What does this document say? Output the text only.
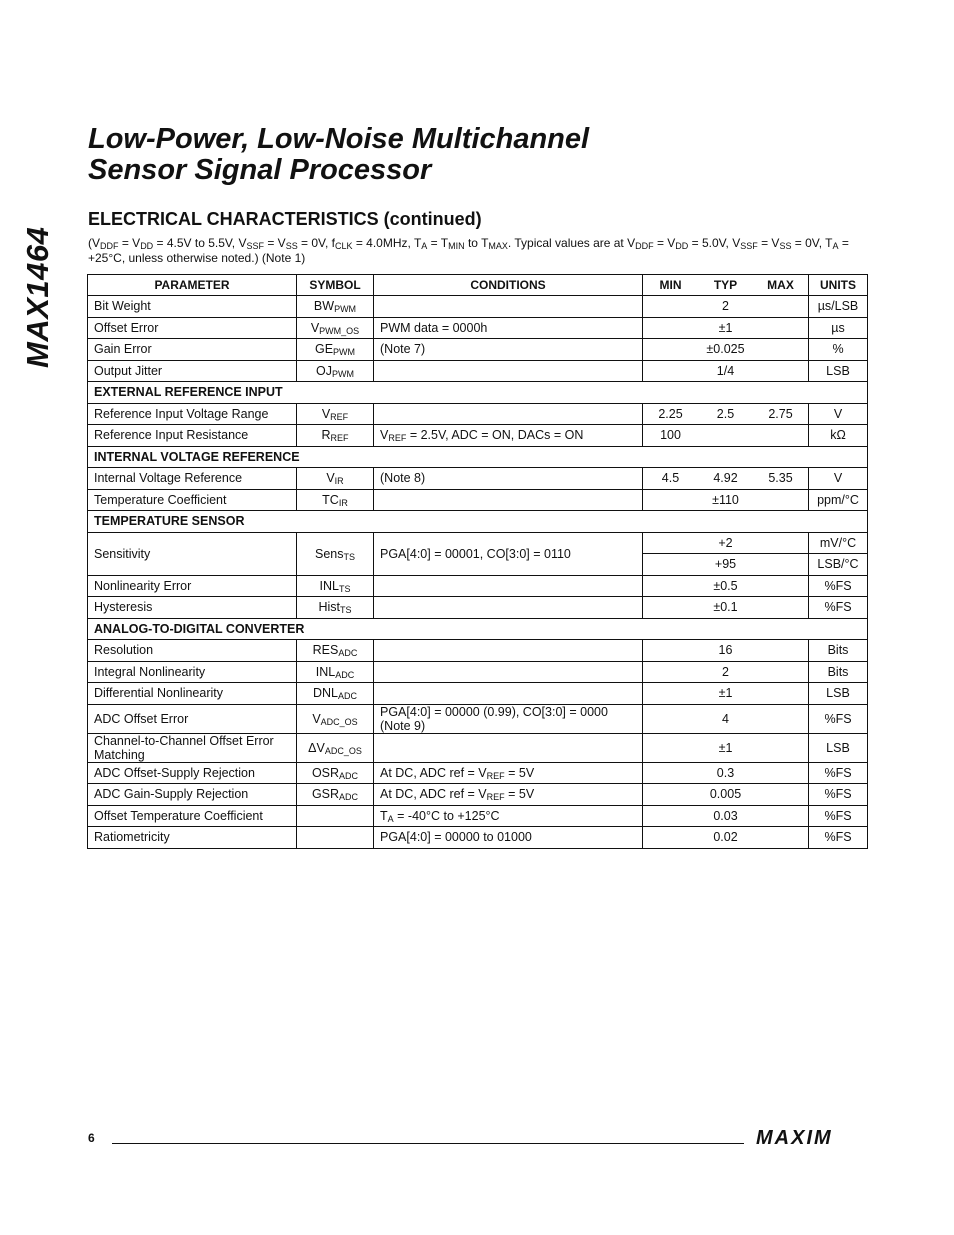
MAX1464
Low-Power, Low-Noise Multichannel
Sensor Signal Processor
ELECTRICAL CHARACTERISTICS (continued)
($V_{DDF} = V_{DD} = 4.5V$ to 5.5V, $V_{SSF} = V_{SS} = 0V$, $f_{CLK} = 4.0MHz$, $T_A = T_{MIN}$ to $T_{MAX}$. Typical values are at $V_{DDF} = V_{DD} = 5.0V$, $V_{SSF} = V_{SS} = 0V$, $T_A = +25^\circ C$, unless otherwise noted.) (Note 1)
PARAMETER	SYMBOL	CONDITIONS	MIN TYP MAX	UNITS
Bit Weight	$BW_{PWM}$		2	µs/LSB
Offset Error	$V_{PWM\_OS}$	PWM data = 0000h	±1	µs
Gain Error	$GE_{PWM}$	(Note 7)	±0.025	%
Output Jitter	$OJ_{PWM}$		1/4	LSB
EXTERNAL REFERENCE INPUT				
Reference Input Voltage Range	$V_{REF}$		2.25 2.5 2.75	V
Reference Input Resistance	$R_{REF}$	$V_{REF} = 2.5V$, ADC = ON, DACs = ON	100	kΩ
INTERNAL VOLTAGE REFERENCE				
Internal Voltage Reference	$V_{IR}$	(Note 8)	4.5 4.92 5.35	V
Temperature Coefficient	$TC_{IR}$		±110	ppm/°C
TEMPERATURE SENSOR				
Sensitivity	Sens$_{TS}$	PGA[4:0] = 00001, CO[3:0] = 0110	+2	mV/°C

			+95	LSB/°C
Nonlinearity Error	$INL_{TS}$		±0.5	%FS
Hysteresis	Hist$_{TS}$		±0.1	%FS
ANALOG-TO-DIGITAL CONVERTER				
Resolution	$RES_{ADC}$		16	Bits
Integral Nonlinearity	$INL_{ADC}$		2	Bits
Differential Nonlinearity	$DNL_{ADC}$		±1	LSB
ADC Offset Error	$V_{ADC\_OS}$	PGA[4:0] = 00000 (0.99), CO[3:0] = 0000 (Note 9)	4	%FS
Channel-to-Channel Offset Error Matching	$\Delta V_{ADC\_OS}$		±1	LSB
ADC Offset-Supply Rejection	$OSR_{ADC}$	At DC, ADC ref = $V_{REF} = 5V$	0.3	%FS
ADC Gain-Supply Rejection	$GSR_{ADC}$	At DC, ADC ref = $V_{REF} = 5V$	0.005	%FS
Offset Temperature Coefficient		$T_A = -40^\circ C$ to +125°C	0.03	%FS
Ratiometricity		PGA[4:0] = 00000 to 01000	0.02	%FS
6	MAXIM
